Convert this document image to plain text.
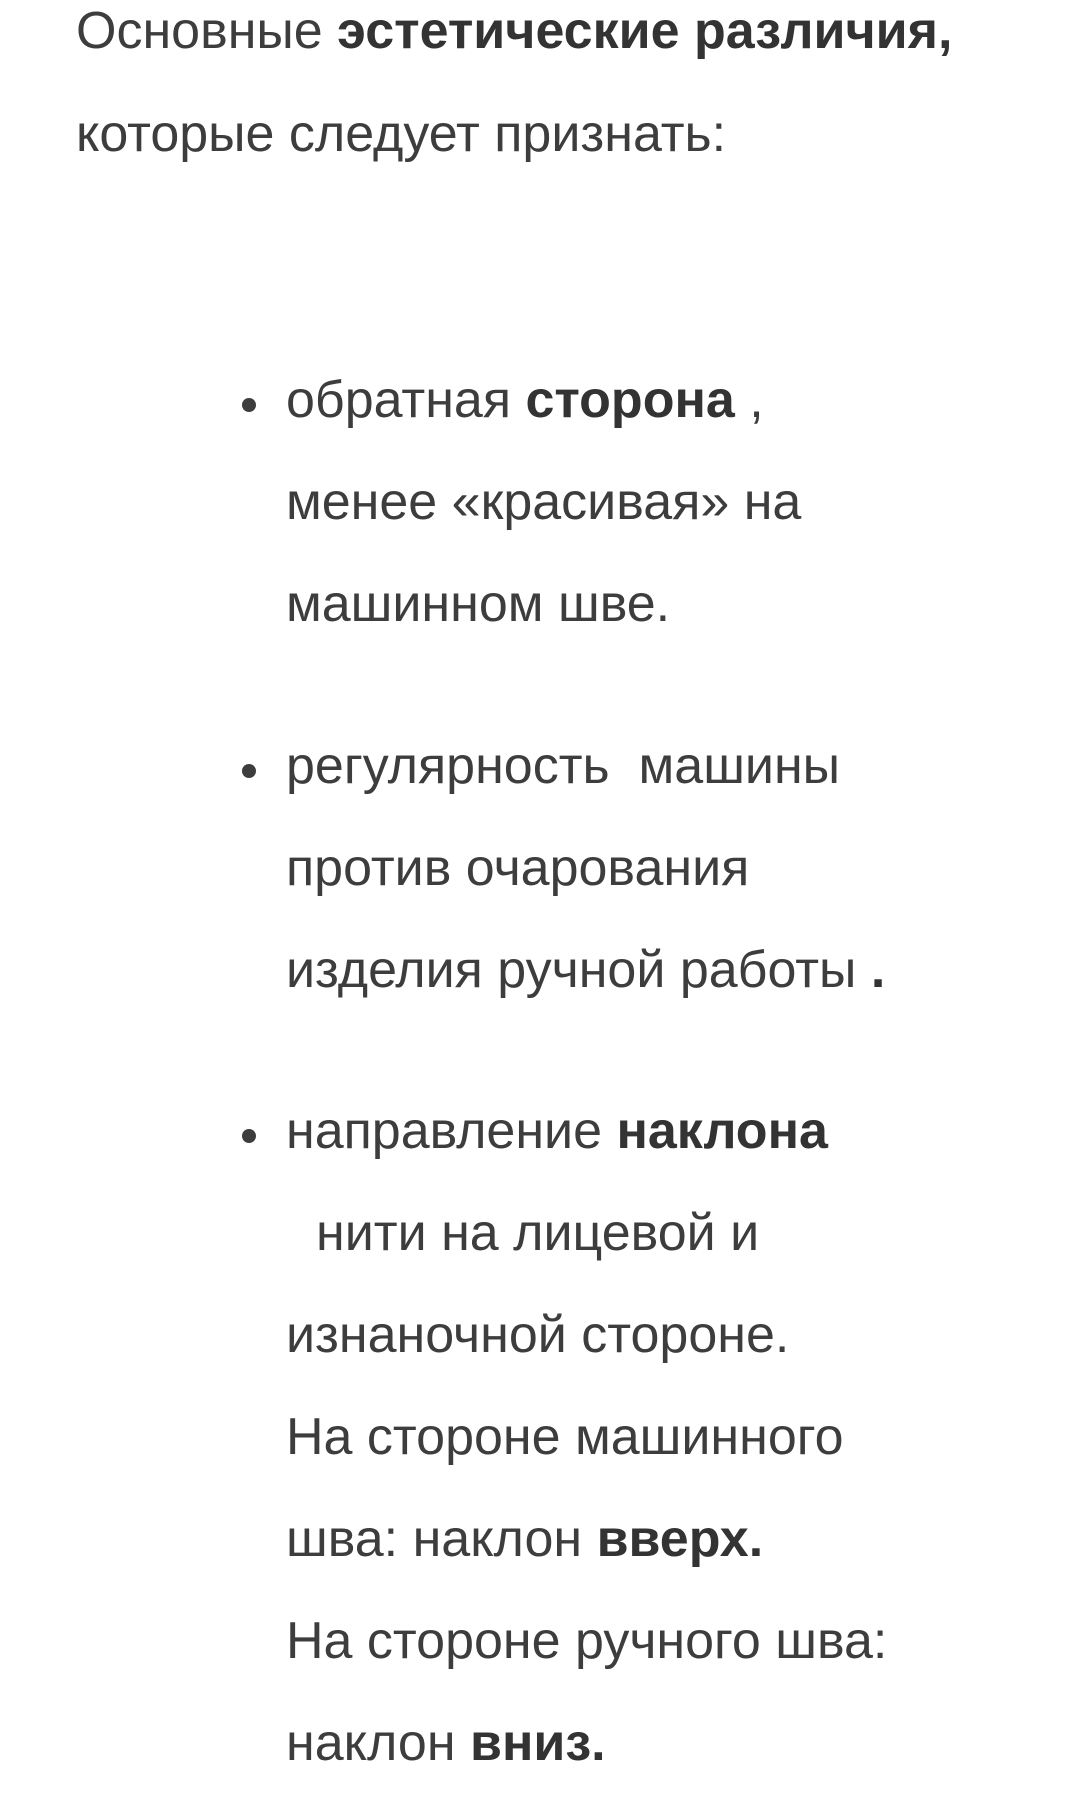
Основные эстетические различия, которые следует признать:

обратная сторона ,
менее «красивая» на
машинном шве.
регулярность  машины
против очарования
изделия ручной работы .
направление наклона
нити на лицевой и
изнаночной стороне.
На стороне машинного
шва: наклон вверх.
На стороне ручного шва:
наклон вниз.
